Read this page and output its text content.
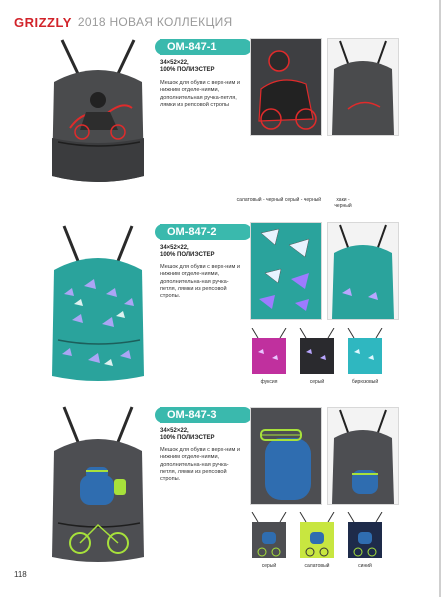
GRIZZLY 2018 НОВАЯ КОЛЛЕКЦИЯ
OM-847-1
34×52×22,
100% ПОЛИЭСТЕР
Мешок для обуви с верх-ним и нижним отделе-ниями, дополнительная ручка-петля, лямки из репсовой стропы
салатовый - черный серый - черный	хаки - черный
OM-847-2
34×52×22,
100% ПОЛИЭСТЕР
Мешок для обуви с верх-ним и нижним отделе-ниями, дополнительна-ная ручка-петля, лямки из репсовой стропы.
фуксия	серый	бирюзовый
OM-847-3
34×52×22,
100% ПОЛИЭСТЕР
Мешок для обуви с верх-ним и нижним отделе-ниями, дополнительна-ная ручка-петля, лямки из репсовой стропы.
серый	салатовый	синий
118
